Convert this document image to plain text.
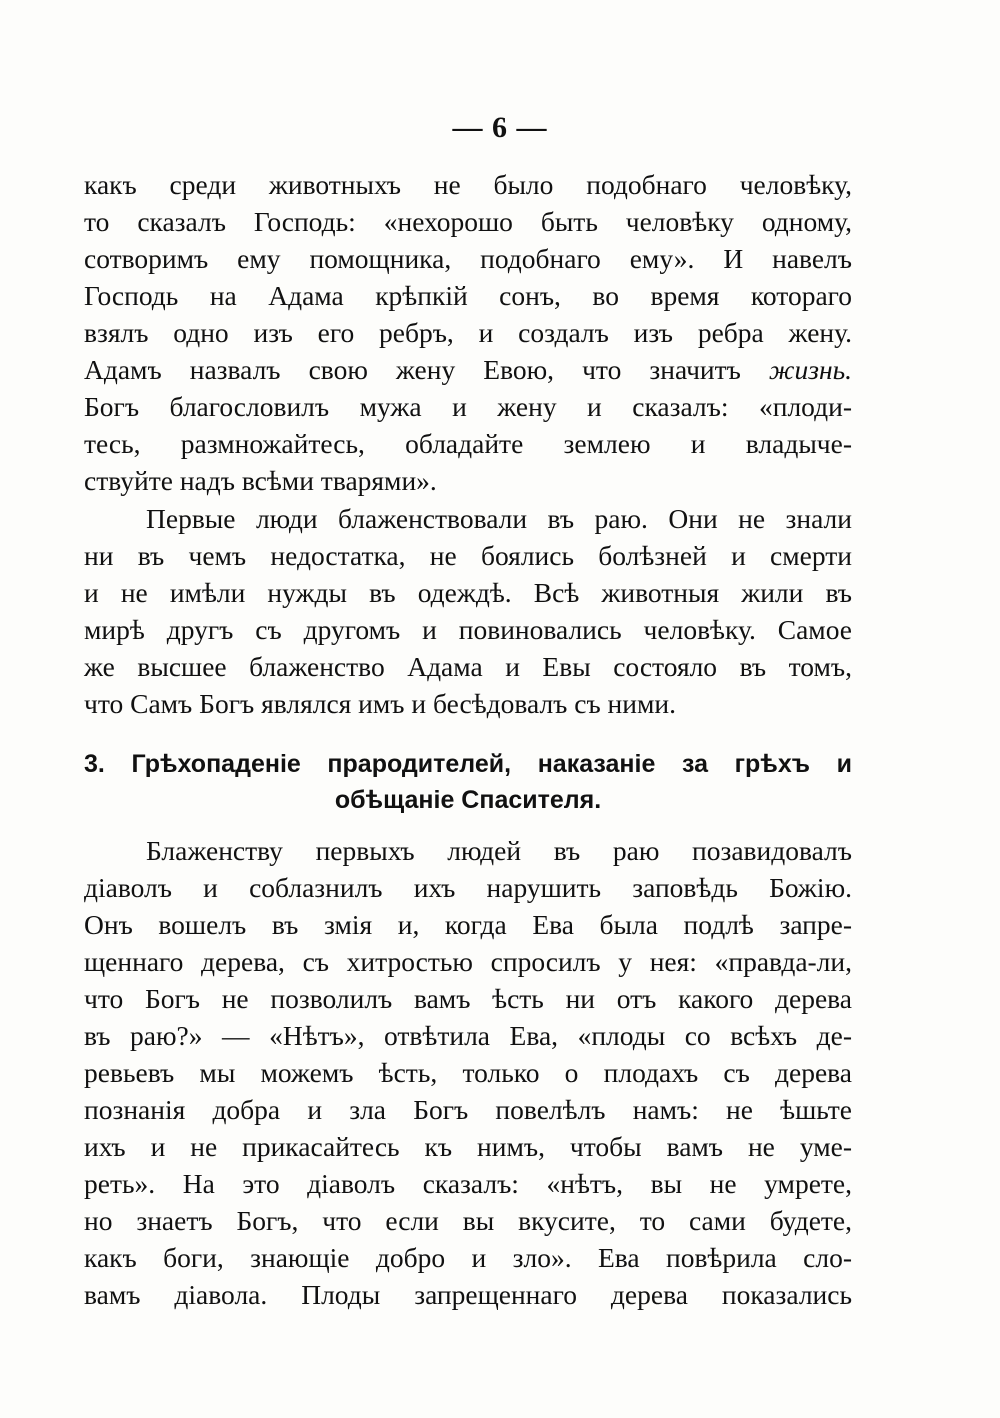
— 6 —
какъ среди животныхъ не было подобнаго человѣку,
то сказалъ Господь: «нехорошо быть человѣку одному,
сотворимъ ему помощника, подобнаго ему». И навелъ
Господь на Адама крѣпкій сонъ, во время котораго
взялъ одно изъ его ребръ, и создалъ изъ ребра жену.
Адамъ назвалъ свою жену Евою, что значитъ жизнь.
Богъ благословилъ мужа и жену и сказалъ: «плоди-
тесь, размножайтесь, обладайте землею и владыче-
ствуйте надъ всѣми тварями».
Первые люди блаженствовали въ раю. Они не знали
ни въ чемъ недостатка, не боялись болѣзней и смерти
и не имѣли нужды въ одеждѣ. Всѣ животныя жили въ
мирѣ другъ съ другомъ и повиновались человѣку. Самое
же высшее блаженство Адама и Евы состояло въ томъ,
что Самъ Богъ являлся имъ и бесѣдовалъ съ ними.
3. Грѣхопаденіе прародителей, наказаніе за грѣхъ и
обѣщаніе Спасителя.
Блаженству первыхъ людей въ раю позавидовалъ
діаволъ и соблазнилъ ихъ нарушить заповѣдь Божію.
Онъ вошелъ въ змія и, когда Ева была подлѣ запре-
щеннаго дерева, съ хитростью спросилъ у нея: «правда-ли,
что Богъ не позволилъ вамъ ѣсть ни отъ какого дерева
въ раю?» — «Нѣтъ», отвѣтила Ева, «плоды со всѣхъ де-
ревьевъ мы можемъ ѣсть, только о плодахъ съ дерева
познанія добра и зла Богъ повелѣлъ намъ: не ѣшьте
ихъ и не прикасайтесь къ нимъ, чтобы вамъ не уме-
реть». На это діаволъ сказалъ: «нѣтъ, вы не умрете,
но знаетъ Богъ, что если вы вкусите, то сами будете,
какъ боги, знающіе добро и зло». Ева повѣрила сло-
вамъ діавола. Плоды запрещеннаго дерева показались
